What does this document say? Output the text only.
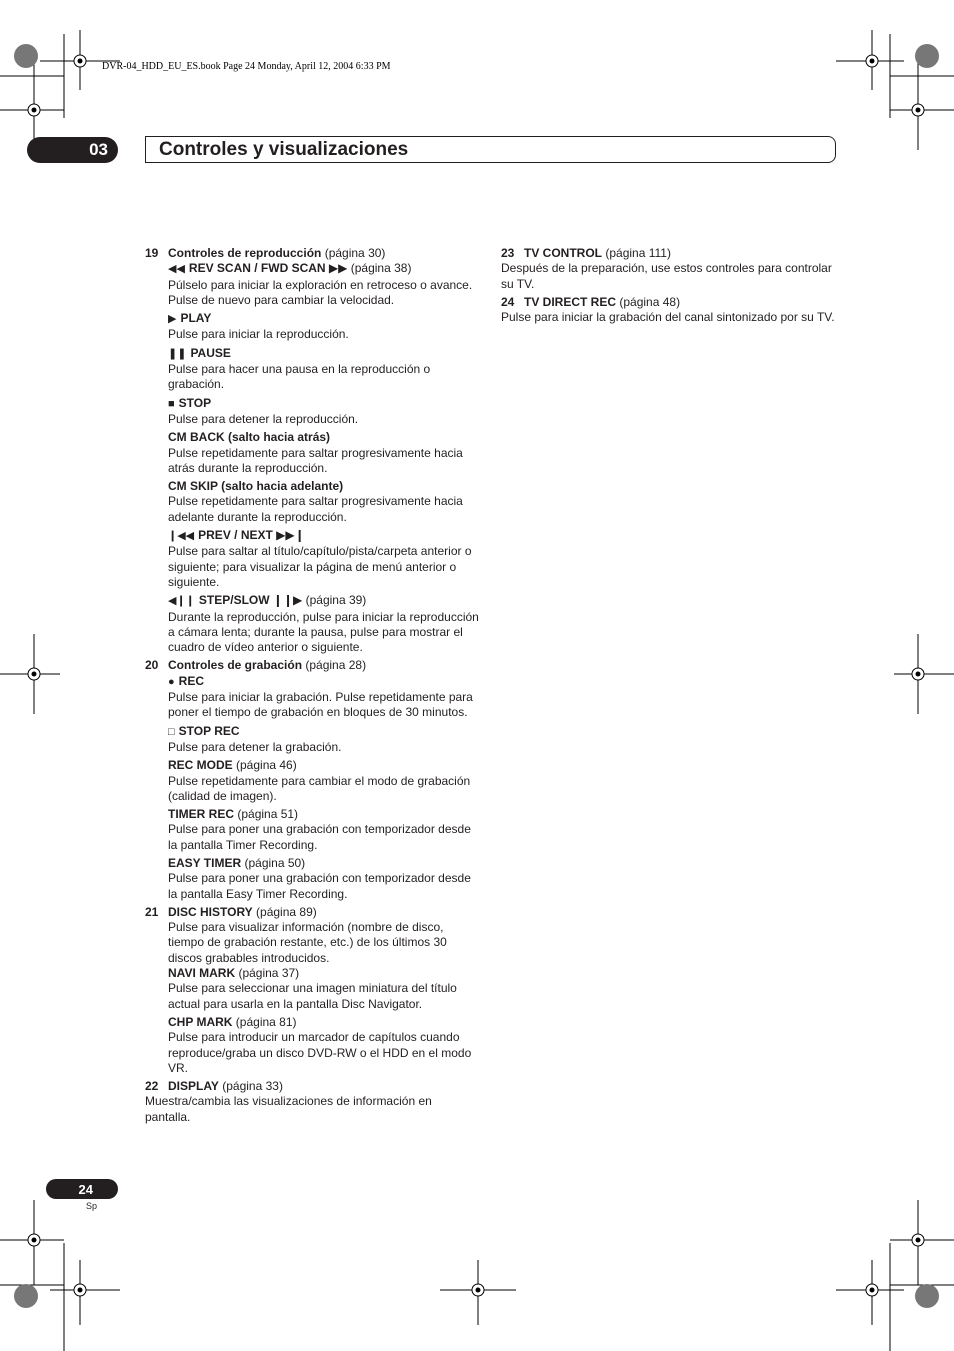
DVR-04_HDD_EU_ES.book Page 24 Monday, April 12, 2004 6:33 PM
03	Controles y visualizaciones
19 Controles de reproducción (página 30)
◀◀ REV SCAN / FWD SCAN ▶▶ (página 38)
Púlselo para iniciar la exploración en retroceso o avance. Pulse de nuevo para cambiar la velocidad.
▶ PLAY
Pulse para iniciar la reproducción.
❚❚ PAUSE
Pulse para hacer una pausa en la reproducción o grabación.
■ STOP
Pulse para detener la reproducción.
CM BACK (salto hacia atrás)
Pulse repetidamente para saltar progresivamente hacia atrás durante la reproducción.
CM SKIP (salto hacia adelante)
Pulse repetidamente para saltar progresivamente hacia adelante durante la reproducción.
❙◀◀ PREV / NEXT ▶▶❙
Pulse para saltar al título/capítulo/pista/carpeta anterior o siguiente; para visualizar la página de menú anterior o siguiente.
◀❙❙ STEP/SLOW ❙❙▶ (página 39)
Durante la reproducción, pulse para iniciar la reproducción a cámara lenta; durante la pausa, pulse para mostrar el cuadro de vídeo anterior o siguiente.
20 Controles de grabación (página 28)
● REC
Pulse para iniciar la grabación. Pulse repetidamente para poner el tiempo de grabación en bloques de 30 minutos.
□ STOP REC
Pulse para detener la grabación.
REC MODE (página 46)
Pulse repetidamente para cambiar el modo de grabación (calidad de imagen).
TIMER REC (página 51)
Pulse para poner una grabación con temporizador desde la pantalla Timer Recording.
EASY TIMER (página 50)
Pulse para poner una grabación con temporizador desde la pantalla Easy Timer Recording.
21 DISC HISTORY (página 89)
Pulse para visualizar información (nombre de disco, tiempo de grabación restante, etc.) de los últimos 30 discos grabables introducidos.
NAVI MARK (página 37)
Pulse para seleccionar una imagen miniatura del título actual para usarla en la pantalla Disc Navigator.
CHP MARK (página 81)
Pulse para introducir un marcador de capítulos cuando reproduce/graba un disco DVD-RW o el HDD en el modo VR.
22 DISPLAY (página 33)
Muestra/cambia las visualizaciones de información en pantalla.
23 TV CONTROL (página 111)
Después de la preparación, use estos controles para controlar su TV.
24 TV DIRECT REC (página 48)
Pulse para iniciar la grabación del canal sintonizado por su TV.
24
Sp
